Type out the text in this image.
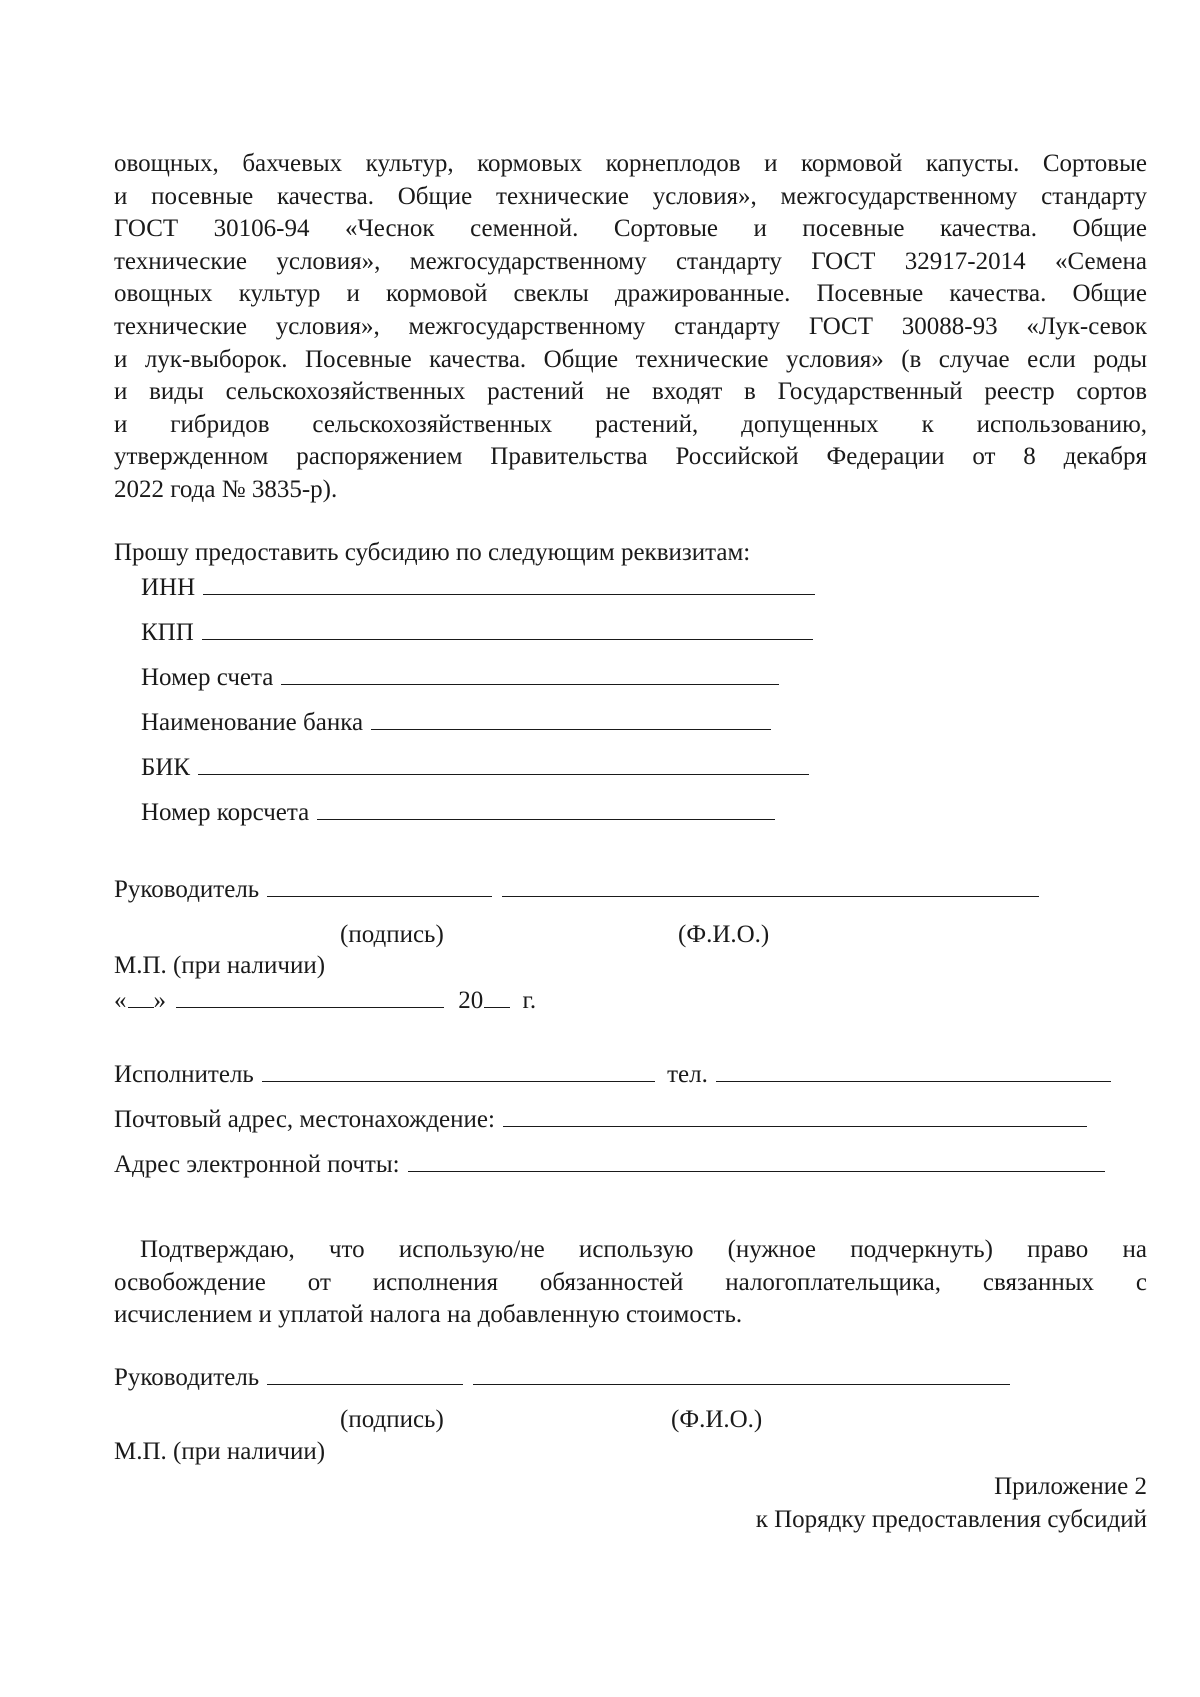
овощных, бахчевых культур, кормовых корнеплодов и кормовой капусты. Сортовые
и посевные качества. Общие технические условия», межгосударственному стандарту
ГОСТ 30106-94 «Чеснок семенной. Сортовые и посевные качества. Общие
технические условия», межгосударственному стандарту ГОСТ 32917-2014 «Семена
овощных культур и кормовой свеклы дражированные. Посевные качества. Общие
технические условия», межгосударственному стандарту ГОСТ 30088-93 «Лук-севок
и лук-выборок. Посевные качества. Общие технические условия» (в случае если роды
и виды сельскохозяйственных растений не входят в Государственный реестр сортов
и гибридов сельскохозяйственных растений, допущенных к использованию,
утвержденном распоряжением Правительства Российской Федерации от 8 декабря
2022 года № 3835-р).
Прошу предоставить субсидию по следующим реквизитам:
ИНН
КПП
Номер счета
Наименование банка
БИК
Номер корсчета
Руководитель
(подпись)	(Ф.И.О.)
М.П. (при наличии)
« »	20 г.
Исполнитель	тел.
Почтовый адрес, местонахождение:
Адрес электронной почты:
Подтверждаю, что использую/не использую (нужное подчеркнуть) право на
освобождение от исполнения обязанностей налогоплательщика, связанных с
исчислением и уплатой налога на добавленную стоимость.
Руководитель
(подпись)	(Ф.И.О.)
М.П. (при наличии)
Приложение 2
к Порядку предоставления субсидий
